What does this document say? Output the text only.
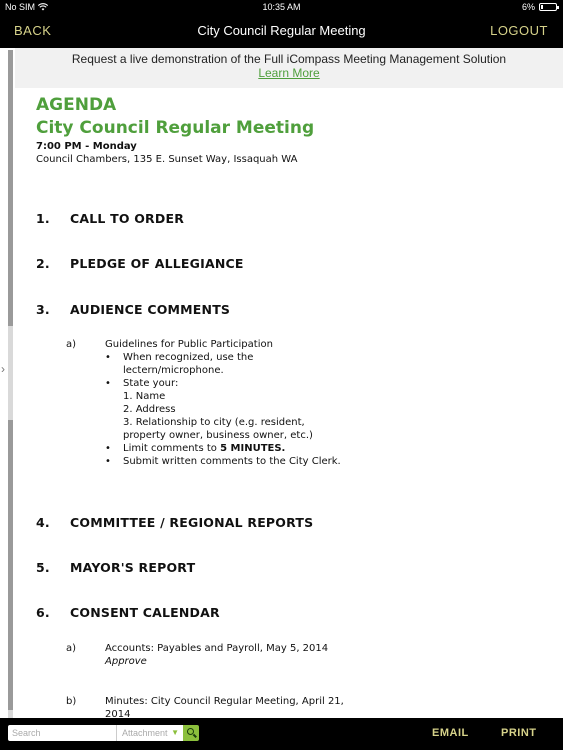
No SIM	10:35 AM	6%
BACK	City Council Regular Meeting	LOGOUT
›
Request a live demonstration of the Full iCompass Meeting Management Solution
Learn More
AGENDA
City Council Regular Meeting
7:00 PM - Monday
Council Chambers, 135 E. Sunset Way, Issaquah WA
1.	CALL TO ORDER
2.	PLEDGE OF ALLEGIANCE
3.	AUDIENCE COMMENTS
a)	Guidelines for Public Participation
• When recognized, use the lectern/microphone.
• State your:
1. Name
2. Address
3. Relationship to city (e.g. resident, property owner, business owner, etc.)
• Limit comments to 5 MINUTES.
• Submit written comments to the City Clerk.
4.	COMMITTEE / REGIONAL REPORTS
5.	MAYOR'S REPORT
6.	CONSENT CALENDAR
a)	Accounts: Payables and Payroll, May 5, 2014
Approve
b)	Minutes: City Council Regular Meeting, April 21, 2014
Search	Attachment ▼	EMAIL	PRINT
